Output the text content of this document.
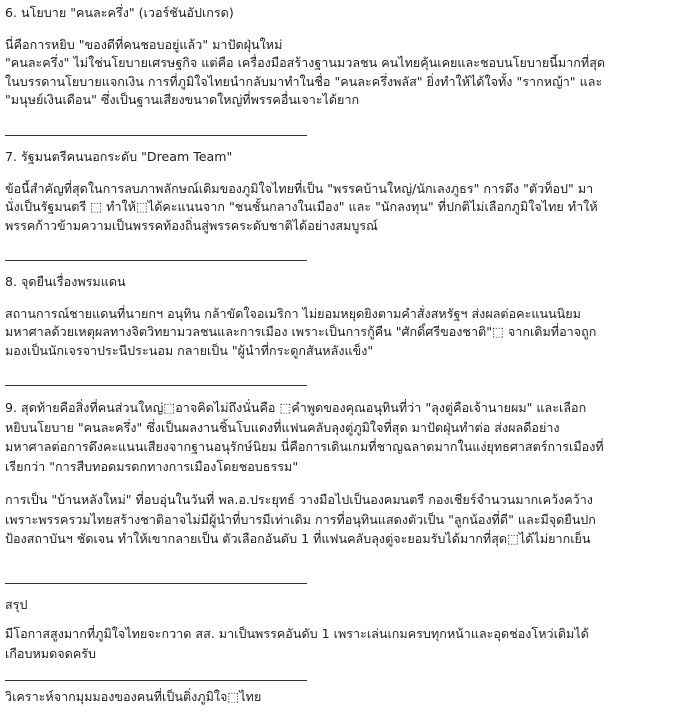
6. นโยบาย "คนละครึ่ง" (เวอร์ชันอัปเกรด)
นี่คือการหยิบ "ของดีที่คนชอบอยู่แล้ว" มาปัดฝุ่นใหม่
"คนละครึ่ง" ไม่ใช่นโยบายเศรษฐกิจ แต่คือ เครื่องมือสร้างฐานมวลชน คนไทยคุ้นเคยและชอบนโยบายนี้มากที่สุด
ในบรรดานโยบายแจกเงิน การที่ภูมิใจไทยนำกลับมาทำในชื่อ "คนละครึ่งพลัส" ยิ่งทำให้ได้ใจทั้ง "รากหญ้า" และ
"มนุษย์เงินเดือน" ซึ่งเป็นฐานเสียงขนาดใหญ่ที่พรรคอื่นเจาะได้ยาก
7. รัฐมนตรีคนนอกระดับ "Dream Team"
ข้อนี้สำคัญที่สุดในการลบภาพลักษณ์เดิมของภูมิใจไทยที่เป็น "พรรคบ้านใหญ่/นักเลงภูธร" การดึง "ตัวท็อป" มา
นั่งเป็นรัฐมนตรี ⬚ ทำให้⬚ได้คะแนนจาก "ชนชั้นกลางในเมือง" และ "นักลงทุน" ที่ปกติไม่เลือกภูมิใจไทย ทำให้
พรรคก้าวข้ามความเป็นพรรคท้องถิ่นสู่พรรคระดับชาติได้อย่างสมบูรณ์
8. จุดยืนเรื่องพรมแดน
สถานการณ์ชายแดนที่นายกฯ อนุทิน กล้าขัดใจอเมริกา ไม่ยอมหยุดยิงตามคำสั่งสหรัฐฯ ส่งผลต่อคะแนนนิยม
มหาศาลด้วยเหตุผลทางจิตวิทยามวลชนและการเมือง เพราะเป็นการกู้คืน "ศักดิ์ศรีของชาติ"⬚ จากเดิมที่อาจถูก
มองเป็นนักเจรจาประนีประนอม กลายเป็น "ผู้นำที่กระดูกสันหลังแข็ง"
9. สุดท้ายคือสิ่งที่คนส่วนใหญ่⬚อาจคิดไม่ถึงนั่นคือ ⬚คำพูดของคุณอนุทินที่ว่า "ลุงตู่คือเจ้านายผม" และเลือก
หยิบนโยบาย "คนละครึ่ง" ซึ่งเป็นผลงานชิ้นโบแดงที่แฟนคลับลุงตู่ภูมิใจที่สุด มาปัดฝุ่นทำต่อ ส่งผลดีอย่าง
มหาศาลต่อการดึงคะแนนเสียงจากฐานอนุรักษ์นิยม นี่คือการเดินเกมที่ชาญฉลาดมากในแง่ยุทธศาสตร์การเมืองที่
เรียกว่า "การสืบทอดมรดกทางการเมืองโดยชอบธรรม"
การเป็น "บ้านหลังใหม่" ที่อบอุ่นในวันที่ พล.อ.ประยุทธ์ วางมือไปเป็นองคมนตรี กองเชียร์จำนวนมากเคว้งคว้าง
เพราะพรรครวมไทยสร้างชาติอาจไม่มีผู้นำที่บารมีเท่าเดิม การที่อนุทินแสดงตัวเป็น "ลูกน้องที่ดี" และมีจุดยืนปก
ป้องสถาบันฯ ชัดเจน ทำให้เขากลายเป็น ตัวเลือกอันดับ 1 ที่แฟนคลับลุงตู่จะยอมรับได้มากที่สุด⬚ได้ไม่ยากเย็น
สรุป
มีโอกาสสูงมากที่ภูมิใจไทยจะกวาด สส. มาเป็นพรรคอันดับ 1 เพราะเล่นเกมครบทุกหน้าและอุดช่องโหว่เดิมได้
เกือบหมดจดครับ
วิเคราะห์จากมุมมองของคนที่เป็นติ่งภูมิใจ⬚ไทย
